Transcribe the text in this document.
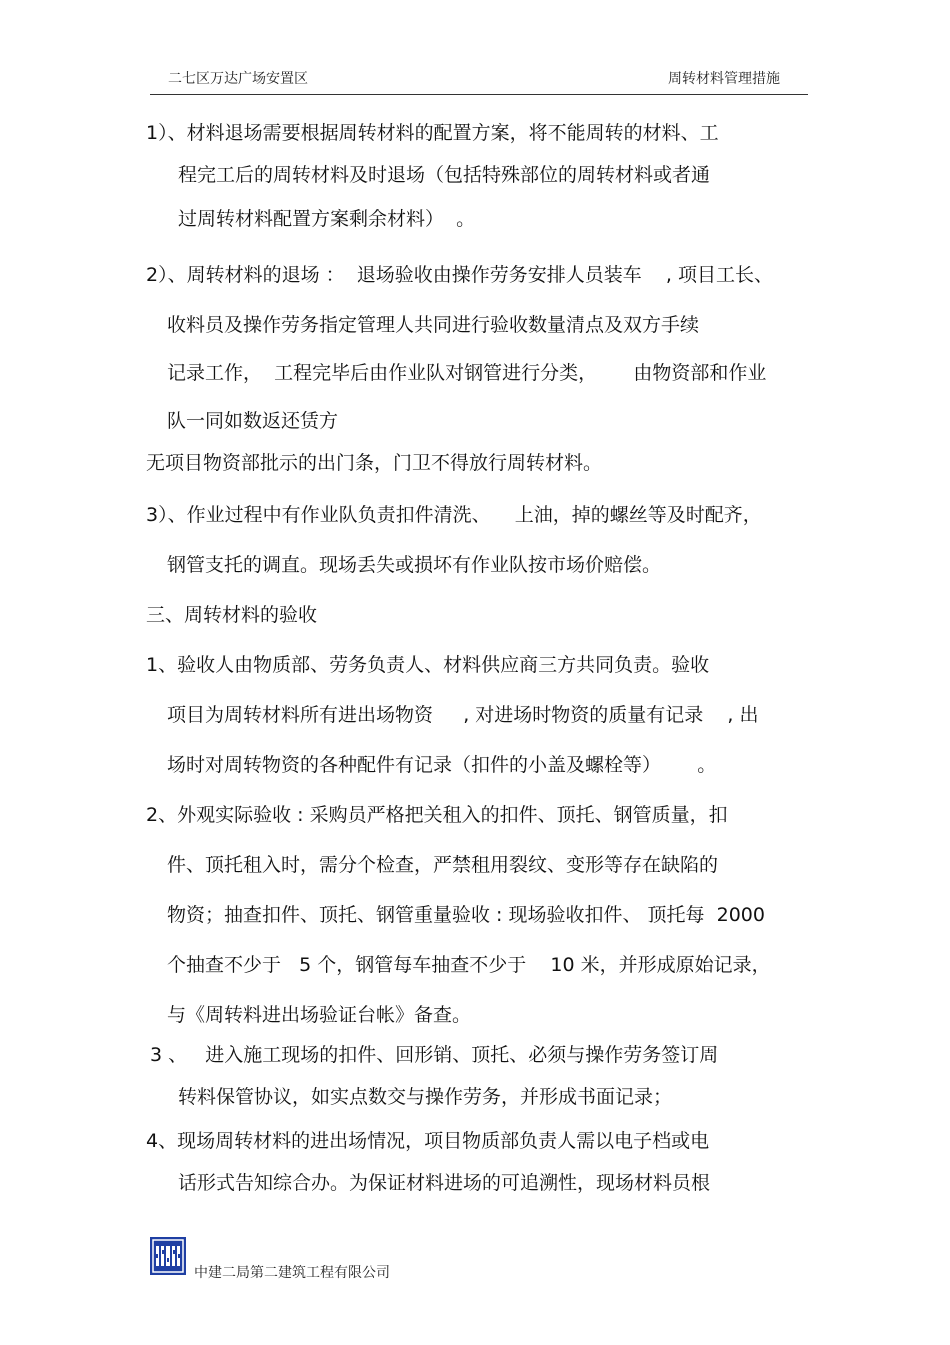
二七区万达广场安置区	周转材料管理措施
1）、材料退场需要根据周转材料的配置方案，将不能周转的材料、工
程完工后的周转材料及时退场（包括特殊部位的周转材料或者通
过周转材料配置方案剩余材料）  。
2）、周转材料的退场 ：  退场验收由操作劳务安排人员装车    , 项目工长、
收料员及操作劳务指定管理人共同进行验收数量清点及双方手续
记录工作，  工程完毕后由作业队对钢管进行分类，      由物资部和作业
队一同如数返还赁方
无项目物资部批示的出门条，门卫不得放行周转材料。
3）、作业过程中有作业队负责扣件清洗、    上油，掉的螺丝等及时配齐，
钢管支托的调直。现场丢失或损坏有作业队按市场价赔偿。
三、周转材料的验收
1、验收人由物质部、劳务负责人、材料供应商三方共同负责。验收
项目为周转材料所有进出场物资     , 对进场时物资的质量有记录    , 出
场时对周转物资的各种配件有记录（扣件的小盖及螺栓等）      。
2、外观实际验收 : 采购员严格把关租入的扣件、顶托、钢管质量，扣
件、顶托租入时，需分个检查，严禁租用裂纹、变形等存在缺陷的
物资；抽查扣件、顶托、钢管重量验收 : 现场验收扣件、 顶托每  2000
个抽查不少于   5 个，钢管每车抽查不少于    10 米，并形成原始记录，
与《周转料进出场验证台帐》备查。
3 、   进入施工现场的扣件、回形销、顶托、必须与操作劳务签订周
转料保管协议，如实点数交与操作劳务，并形成书面记录；
4、现场周转材料的进出场情况，项目物质部负责人需以电子档或电
话形式告知综合办。为保证材料进场的可追溯性，现场材料员根
中建二局第二建筑工程有限公司
